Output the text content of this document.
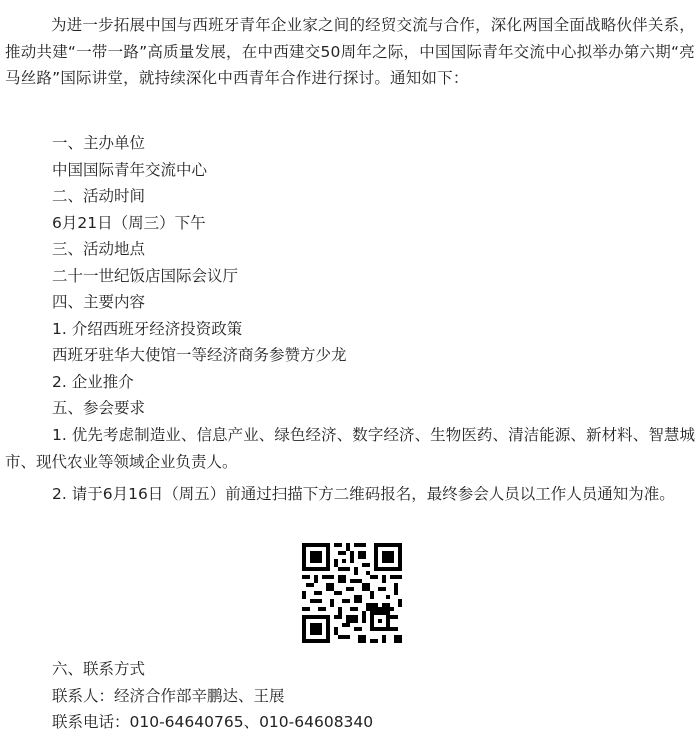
为进一步拓展中国与西班牙青年企业家之间的经贸交流与合作，深化两国全面战略伙伴关系，推动共建“一带一路”高质量发展，在中西建交50周年之际，中国国际青年交流中心拟举办第六期“亮马丝路”国际讲堂，就持续深化中西青年合作进行探讨。通知如下：

一、主办单位

中国国际青年交流中心

二、活动时间

6月21日（周三）下午

三、活动地点

二十一世纪饭店国际会议厅

四、主要内容

1. 介绍西班牙经济投资政策

西班牙驻华大使馆一等经济商务参赞方少龙

2. 企业推介

五、参会要求

1. 优先考虑制造业、信息产业、绿色经济、数字经济、生物医药、清洁能源、新材料、智慧城市、现代农业等领域企业负责人。

2. 请于6月16日（周五）前通过扫描下方二维码报名，最终参会人员以工作人员通知为准。

六、联系方式

联系人：经济合作部辛鹏达、王展

联系电话：010-64640765、010-64608340
